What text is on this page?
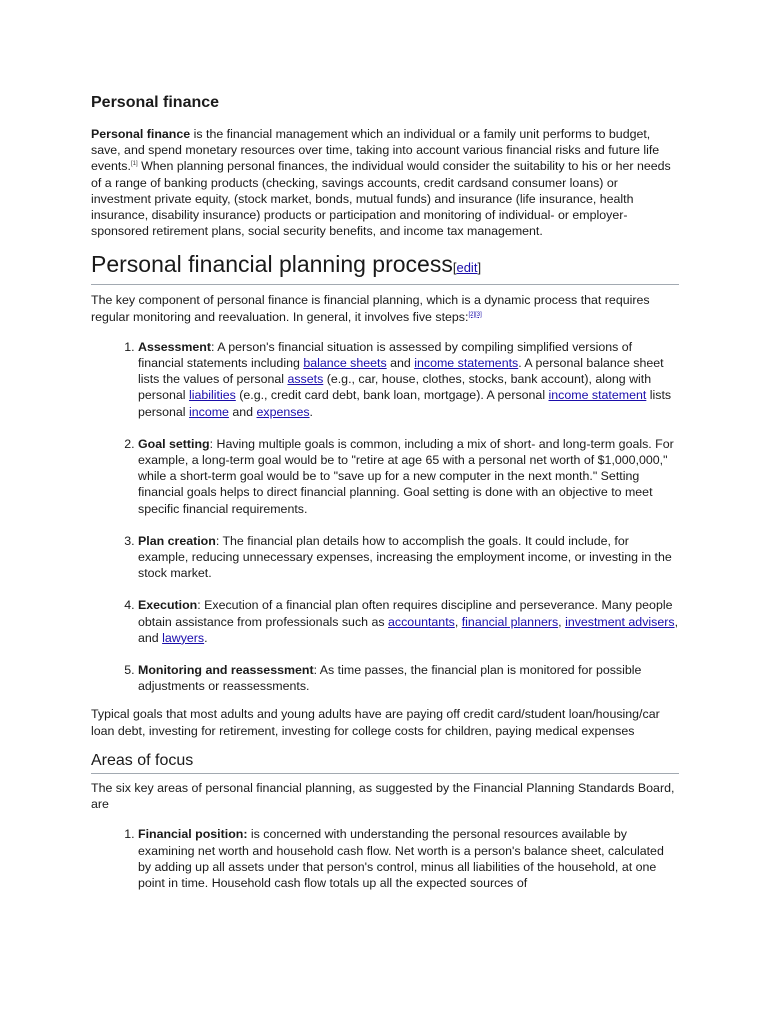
Personal finance

Personal finance is the financial management which an individual or a family unit performs to budget, save, and spend monetary resources over time, taking into account various financial risks and future life events.[1] When planning personal finances, the individual would consider the suitability to his or her needs of a range of banking products (checking, savings accounts, credit cardsand consumer loans) or investment private equity, (stock market, bonds, mutual funds) and insurance (life insurance, health insurance, disability insurance) products or participation and monitoring of individual- or employer-sponsored retirement plans, social security benefits, and income tax management.

Personal financial planning process[edit]

The key component of personal finance is financial planning, which is a dynamic process that requires regular monitoring and reevaluation. In general, it involves five steps:[2][3]

1. Assessment: A person's financial situation is assessed by compiling simplified versions of financial statements including balance sheets and income statements. A personal balance sheet lists the values of personal assets (e.g., car, house, clothes, stocks, bank account), along with personal liabilities (e.g., credit card debt, bank loan, mortgage). A personal income statement lists personal income and expenses.
2. Goal setting: Having multiple goals is common, including a mix of short- and long-term goals. For example, a long-term goal would be to "retire at age 65 with a personal net worth of $1,000,000," while a short-term goal would be to "save up for a new computer in the next month." Setting financial goals helps to direct financial planning. Goal setting is done with an objective to meet specific financial requirements.
3. Plan creation: The financial plan details how to accomplish the goals. It could include, for example, reducing unnecessary expenses, increasing the employment income, or investing in the stock market.
4. Execution: Execution of a financial plan often requires discipline and perseverance. Many people obtain assistance from professionals such as accountants, financial planners, investment advisers, and lawyers.
5. Monitoring and reassessment: As time passes, the financial plan is monitored for possible adjustments or reassessments.

Typical goals that most adults and young adults have are paying off credit card/student loan/housing/car loan debt, investing for retirement, investing for college costs for children, paying medical expenses

Areas of focus

The six key areas of personal financial planning, as suggested by the Financial Planning Standards Board, are

1. Financial position: is concerned with understanding the personal resources available by examining net worth and household cash flow. Net worth is a person's balance sheet, calculated by adding up all assets under that person's control, minus all liabilities of the household, at one point in time. Household cash flow totals up all the expected sources of
